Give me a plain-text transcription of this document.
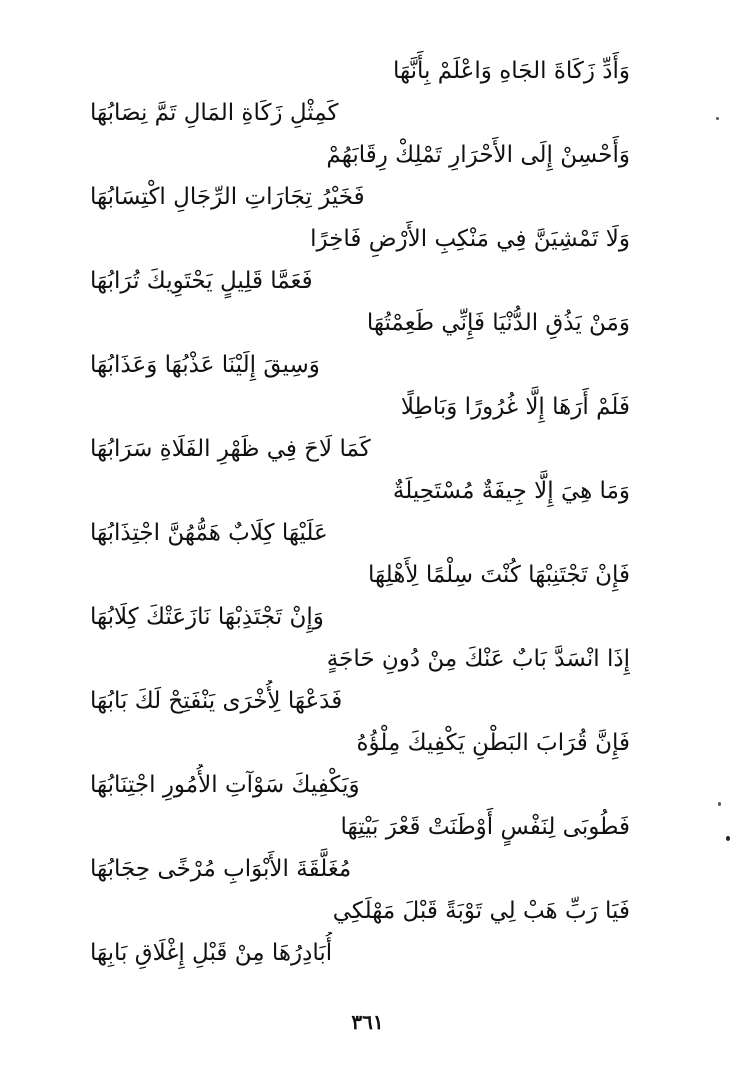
وَأَدِّ زَكَاةَ الجَاهِ وَاعْلَمْ بِأَنَّهَا
كَمِثْلِ زَكَاةِ المَالِ تَمَّ نِصَابُهَا
وَأَحْسِنْ إِلَى الأَحْرَارِ تَمْلِكْ رِقَابَهُمْ
فَخَيْرُ تِجَارَاتِ الرِّجَالِ اكْتِسَابُهَا
وَلَا تَمْشِيَنَّ فِي مَنْكِبِ الأَرْضِ فَاخِرًا
فَعَمَّا قَلِيلٍ يَحْتَوِيكَ تُرَابُهَا
وَمَنْ يَذُقِ الدُّنْيَا فَإِنِّي طَعِمْتُهَا
وَسِيقَ إِلَيْنَا عَذْبُهَا وَعَذَابُهَا
فَلَمْ أَرَهَا إِلَّا غُرُورًا وَبَاطِلًا
كَمَا لَاحَ فِي ظَهْرِ الفَلَاةِ سَرَابُهَا
وَمَا هِيَ إِلَّا جِيفَةٌ مُسْتَحِيلَةٌ
عَلَيْهَا كِلَابٌ هَمُّهُنَّ اجْتِذَابُهَا
فَإِنْ تَجْتَنِبْهَا كُنْتَ سِلْمًا لِأَهْلِهَا
وَإِنْ تَجْتَذِبْهَا نَازَعَتْكَ كِلَابُهَا
إِذَا انْسَدَّ بَابٌ عَنْكَ مِنْ دُونِ حَاجَةٍ
فَدَعْهَا لِأُخْرَى يَنْفَتِحْ لَكَ بَابُهَا
فَإِنَّ قُرَابَ البَطْنِ يَكْفِيكَ مِلْؤُهُ
وَيَكْفِيكَ سَوْآتِ الأُمُورِ اجْتِنَابُهَا
فَطُوبَى لِنَفْسٍ أَوْطَنَتْ قَعْرَ بَيْتِهَا
مُغَلَّقَةَ الأَبْوَابِ مُرْخًى حِجَابُهَا
فَيَا رَبِّ هَبْ لِي تَوْبَةً قَبْلَ مَهْلَكِي
أُبَادِرُهَا مِنْ قَبْلِ إِغْلَاقِ بَابِهَا
٣٦١
